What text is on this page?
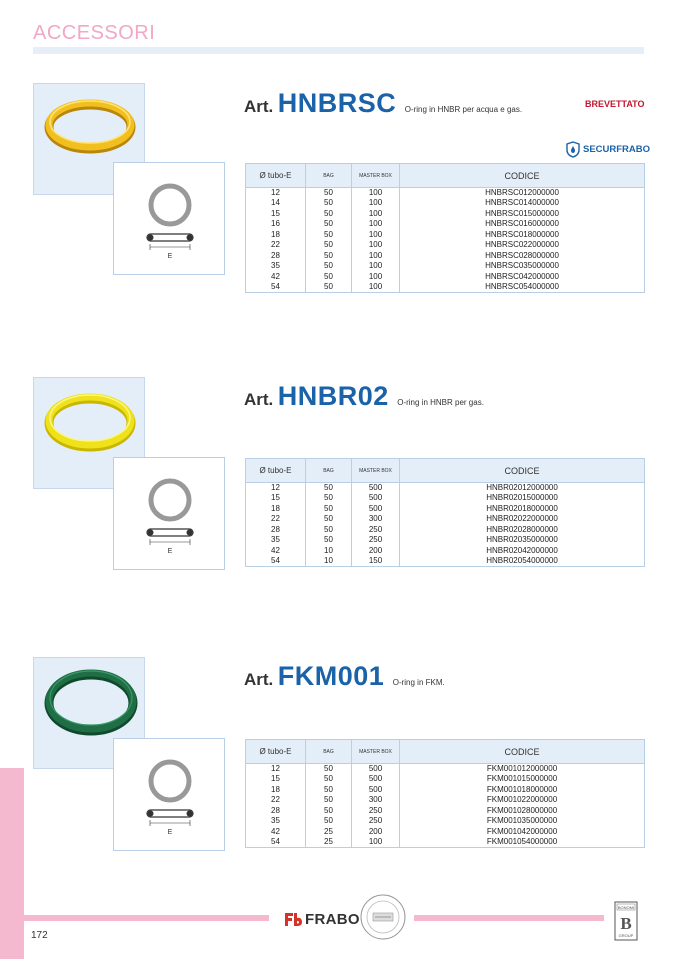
ACCESSORI
E
Art. HNBRSC O-ring in HNBR per acqua e gas.
BREVETTATO
SECURFRABO
Ø tubo-E	BAG	MASTER BOX	CODICE
12	50	100	HNBRSC012000000
14	50	100	HNBRSC014000000
15	50	100	HNBRSC015000000
16	50	100	HNBRSC016000000
18	50	100	HNBRSC018000000
22	50	100	HNBRSC022000000
28	50	100	HNBRSC028000000
35	50	100	HNBRSC035000000
42	50	100	HNBRSC042000000
54	50	100	HNBRSC054000000
E
Art. HNBR02 O-ring in HNBR per gas.
Ø tubo-E	BAG	MASTER BOX	CODICE
12	50	500	HNBR02012000000
15	50	500	HNBR02015000000
18	50	500	HNBR02018000000
22	50	300	HNBR02022000000
28	50	250	HNBR02028000000
35	50	250	HNBR02035000000
42	10	200	HNBR02042000000
54	10	150	HNBR02054000000
E
Art. FKM001 O-ring in FKM.
Ø tubo-E	BAG	MASTER BOX	CODICE
12	50	500	FKM001012000000
15	50	500	FKM001015000000
18	50	500	FKM001018000000
22	50	300	FKM001022000000
28	50	250	FKM001028000000
35	50	250	FKM001035000000
42	25	200	FKM001042000000
54	25	100	FKM001054000000
172
FRABO
BONOMI
B
GROUP
